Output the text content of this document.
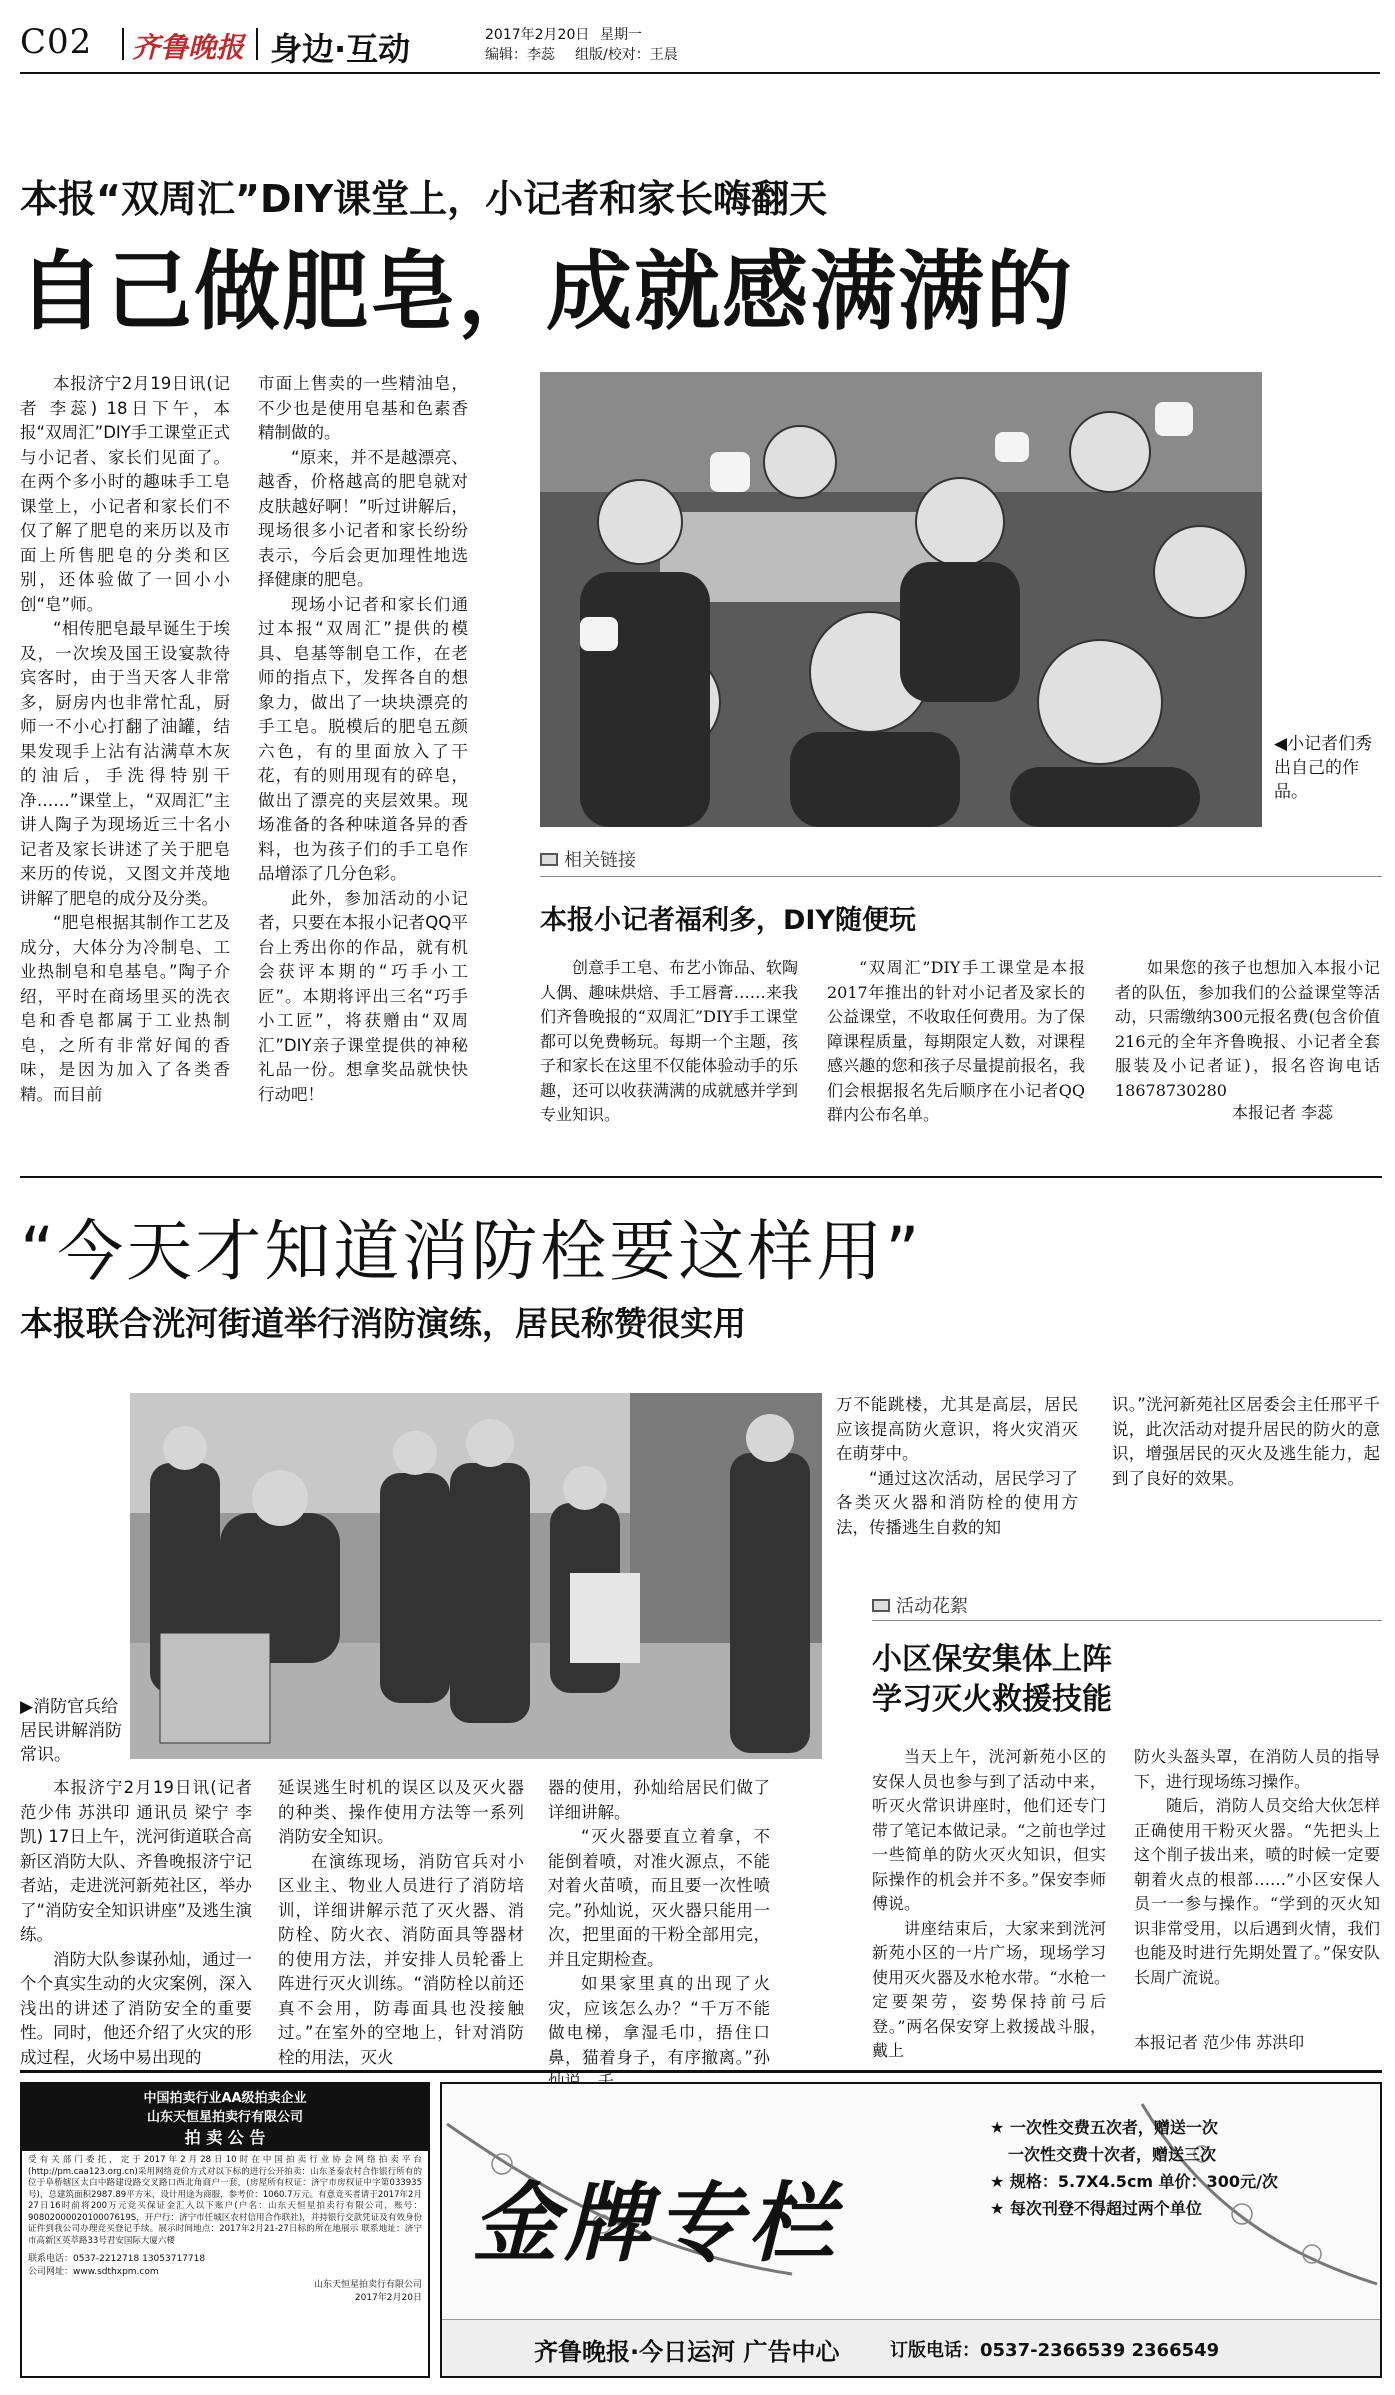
C02 齐鲁晚报 身边·互动	2017年2月20日 星期一
编辑：李蕊 组版/校对：王晨
本报“双周汇”DIY课堂上，小记者和家长嗨翻天
自己做肥皂，成就感满满的

本报济宁2月19日讯(记者 李蕊) 18日下午，本报“双周汇”DIY手工课堂正式与小记者、家长们见面了。在两个多小时的趣味手工皂课堂上，小记者和家长们不仅了解了肥皂的来历以及市面上所售肥皂的分类和区别，还体验做了一回小小创“皂”师。

“相传肥皂最早诞生于埃及，一次埃及国王设宴款待宾客时，由于当天客人非常多，厨房内也非常忙乱，厨师一不小心打翻了油罐，结果发现手上沾有沾满草木灰的油后，手洗得特别干净……”课堂上，“双周汇”主讲人陶子为现场近三十名小记者及家长讲述了关于肥皂来历的传说，又图文并茂地讲解了肥皂的成分及分类。

“肥皂根据其制作工艺及成分，大体分为冷制皂、工业热制皂和皂基皂。”陶子介绍，平时在商场里买的洗衣皂和香皂都属于工业热制皂，之所有非常好闻的香味，是因为加入了各类香精。而目前

市面上售卖的一些精油皂，不少也是使用皂基和色素香精制做的。

“原来，并不是越漂亮、越香，价格越高的肥皂就对皮肤越好啊！”听过讲解后，现场很多小记者和家长纷纷表示，今后会更加理性地选择健康的肥皂。

现场小记者和家长们通过本报“双周汇”提供的模具、皂基等制皂工作，在老师的指点下，发挥各自的想象力，做出了一块块漂亮的手工皂。脱模后的肥皂五颜六色，有的里面放入了干花，有的则用现有的碎皂，做出了漂亮的夹层效果。现场准备的各种味道各异的香料，也为孩子们的手工皂作品增添了几分色彩。

此外，参加活动的小记者，只要在本报小记者QQ平台上秀出你的作品，就有机会获评本期的“巧手小工匠”。本期将评出三名“巧手小工匠”，将获赠由“双周汇”DIY亲子课堂提供的神秘礼品一份。想拿奖品就快快行动吧！

◀小记者们秀出自己的作品。
相关链接
本报小记者福利多，DIY随便玩

创意手工皂、布艺小饰品、软陶人偶、趣味烘焙、手工唇膏……来我们齐鲁晚报的“双周汇”DIY手工课堂都可以免费畅玩。每期一个主题，孩子和家长在这里不仅能体验动手的乐趣，还可以收获满满的成就感并学到专业知识。

“双周汇”DIY手工课堂是本报2017年推出的针对小记者及家长的公益课堂，不收取任何费用。为了保障课程质量，每期限定人数，对课程感兴趣的您和孩子尽量提前报名，我们会根据报名先后顺序在小记者QQ群内公布名单。

如果您的孩子也想加入本报小记者的队伍，参加我们的公益课堂等活动，只需缴纳300元报名费(包含价值216元的全年齐鲁晚报、小记者全套服装及小记者证)，报名咨询电话18678730280

本报记者 李蕊
“今天才知道消防栓要这样用”
本报联合洸河街道举行消防演练，居民称赞很实用
▶消防官兵给居民讲解消防常识。

本报济宁2月19日讯(记者 范少伟 苏洪印 通讯员 梁宁 李凯) 17日上午，洸河街道联合高新区消防大队、齐鲁晚报济宁记者站，走进洸河新苑社区，举办了“消防安全知识讲座”及逃生演练。

消防大队参谋孙灿，通过一个个真实生动的火灾案例，深入浅出的讲述了消防安全的重要性。同时，他还介绍了火灾的形成过程，火场中易出现的

延误逃生时机的误区以及灭火器的种类、操作使用方法等一系列消防安全知识。

在演练现场，消防官兵对小区业主、物业人员进行了消防培训，详细讲解示范了灭火器、消防栓、防火衣、消防面具等器材的使用方法，并安排人员轮番上阵进行灭火训练。“消防栓以前还真不会用，防毒面具也没接触过。”在室外的空地上，针对消防栓的用法，灭火

器的使用，孙灿给居民们做了详细讲解。

“灭火器要直立着拿，不能倒着喷，对准火源点，不能对着火苗喷，而且要一次性喷完。”孙灿说，灭火器只能用一次，把里面的干粉全部用完，并且定期检查。

如果家里真的出现了火灾，应该怎么办？“千万不能做电梯，拿湿毛巾，捂住口鼻，猫着身子，有序撤离。”孙

万不能跳楼，尤其是高层，居民应该提高防火意识，将火灾消灭在萌芽中。

“通过这次活动，居民学习了各类灭火器和消防栓的使用方法，传播逃生自救的知

识。”洸河新苑社区居委会主任邢平千说，此次活动对提升居民的防火的意识，增强居民的灭火及逃生能力，起到了良好的效果。

活动花絮
小区保安集体上阵
学习灭火救援技能

当天上午，洸河新苑小区的安保人员也参与到了活动中来，听灭火常识讲座时，他们还专门带了笔记本做记录。“之前也学过一些简单的防火灭火知识，但实际操作的机会并不多。”保安李师傅说。

讲座结束后，大家来到洸河新苑小区的一片广场，现场学习使用灭火器及水枪水带。“水枪一定要架劳，姿势保持前弓后登。”两名保安穿上救援战斗服，戴上

防火头盔头罩，在消防人员的指导下，进行现场练习操作。

随后，消防人员交给大伙怎样正确使用干粉灭火器。“先把头上这个削子拔出来，喷的时候一定要朝着火点的根部……”小区安保人员一一参与操作。“学到的灭火知识非常受用，以后遇到火情，我们也能及时进行先期处置了。”保安队长周广流说。

本报记者 范少伟 苏洪印
中国拍卖行业AA级拍卖企业
山东天恒星拍卖行有限公司
拍 卖 公 告
受有关部门委托，定于2017年2月28日10时在中国拍卖行业协会网络拍卖平台(http://pm.caa123.org.cn)采用网络竞价方式对以下标的进行公开拍卖：山东圣泰农村合作银行所有的位于阜桥辖区太白中路建设路交叉路口西北角商户一套，(房屋所有权证：济宁市房权证中字第033935号)，总建筑面积2987.89平方米，设计用途为商服，参考价：1060.7万元。有意竞买者请于2017年2月27日16时前将200万元竞买保证金汇入以下账户(户名：山东天恒星拍卖行有限公司，账号：9080200002010007619S，开户行：济宁市任城区农村信用合作联社)，并持银行交款凭证及有效身份证件到我公司办理竞买登记手续。展示时间地点：2017年2月21-27日标的所在地展示 联系地址：济宁市高新区英萃路33号君安国际大厦六楼
联系电话：0537-2212718 13053717718
公司网址：www.sdthxpm.com
山东天恒星拍卖行有限公司
2017年2月20日
金牌专栏
★ 一次性交费五次者，赠送一次
一次性交费十次者，赠送三次
★ 规格：5.7X4.5cm 单价：300元/次
★ 每次刊登不得超过两个单位
齐鲁晚报·今日运河 广告中心	订版电话：0537-2366539 2366549
